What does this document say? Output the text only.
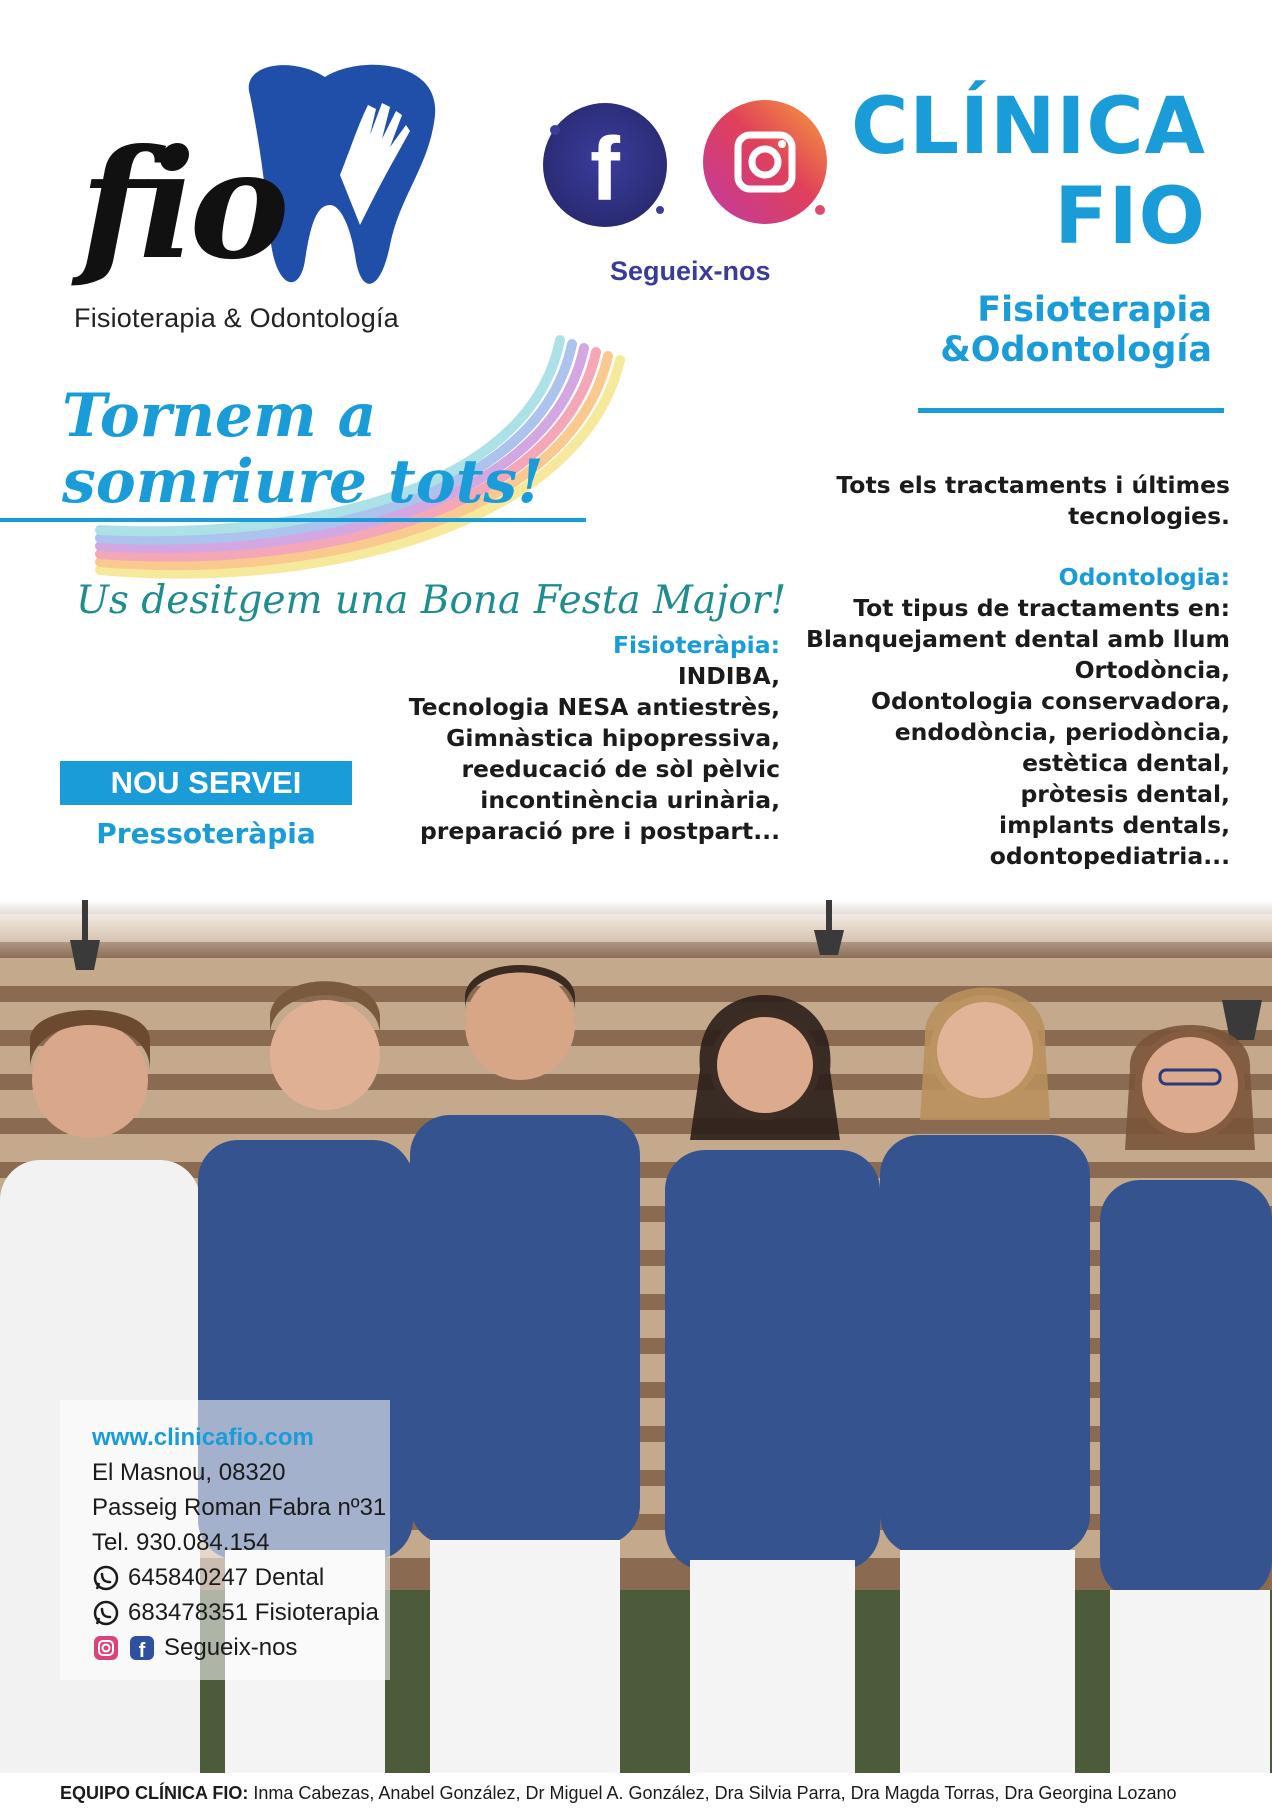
fio
Fisioterapia & Odontología
f
Segueix-nos
CLÍNICA
FIO
Fisioterapia
&Odontología
Tornem a
somriure tots!
Us desitgem una Bona Festa Major!
Tots els tractaments i últimes
tecnologies.
Odontologia:
Tot tipus de tractaments en:
Blanquejament dental amb llum
Ortodòncia,
Odontologia conservadora,
endodòncia, periodòncia,
estètica dental,
pròtesis dental,
implants dentals,
odontopediatria...
Fisioteràpia:
INDIBA,
Tecnologia NESA antiestrès,
Gimnàstica hipopressiva,
reeducació de sòl pèlvic
incontinència urinària,
preparació pre i postpart...
NOU SERVEI
Pressoteràpia
www.clinicafio.com
El Masnou, 08320
Passeig Roman Fabra nº31
Tel. 930.084.154
645840247 Dental
683478351 Fisioterapia
f Segueix-nos
EQUIPO CLÍNICA FIO: Inma Cabezas, Anabel González, Dr Miguel A. González, Dra Silvia Parra, Dra Magda Torras, Dra Georgina Lozano
